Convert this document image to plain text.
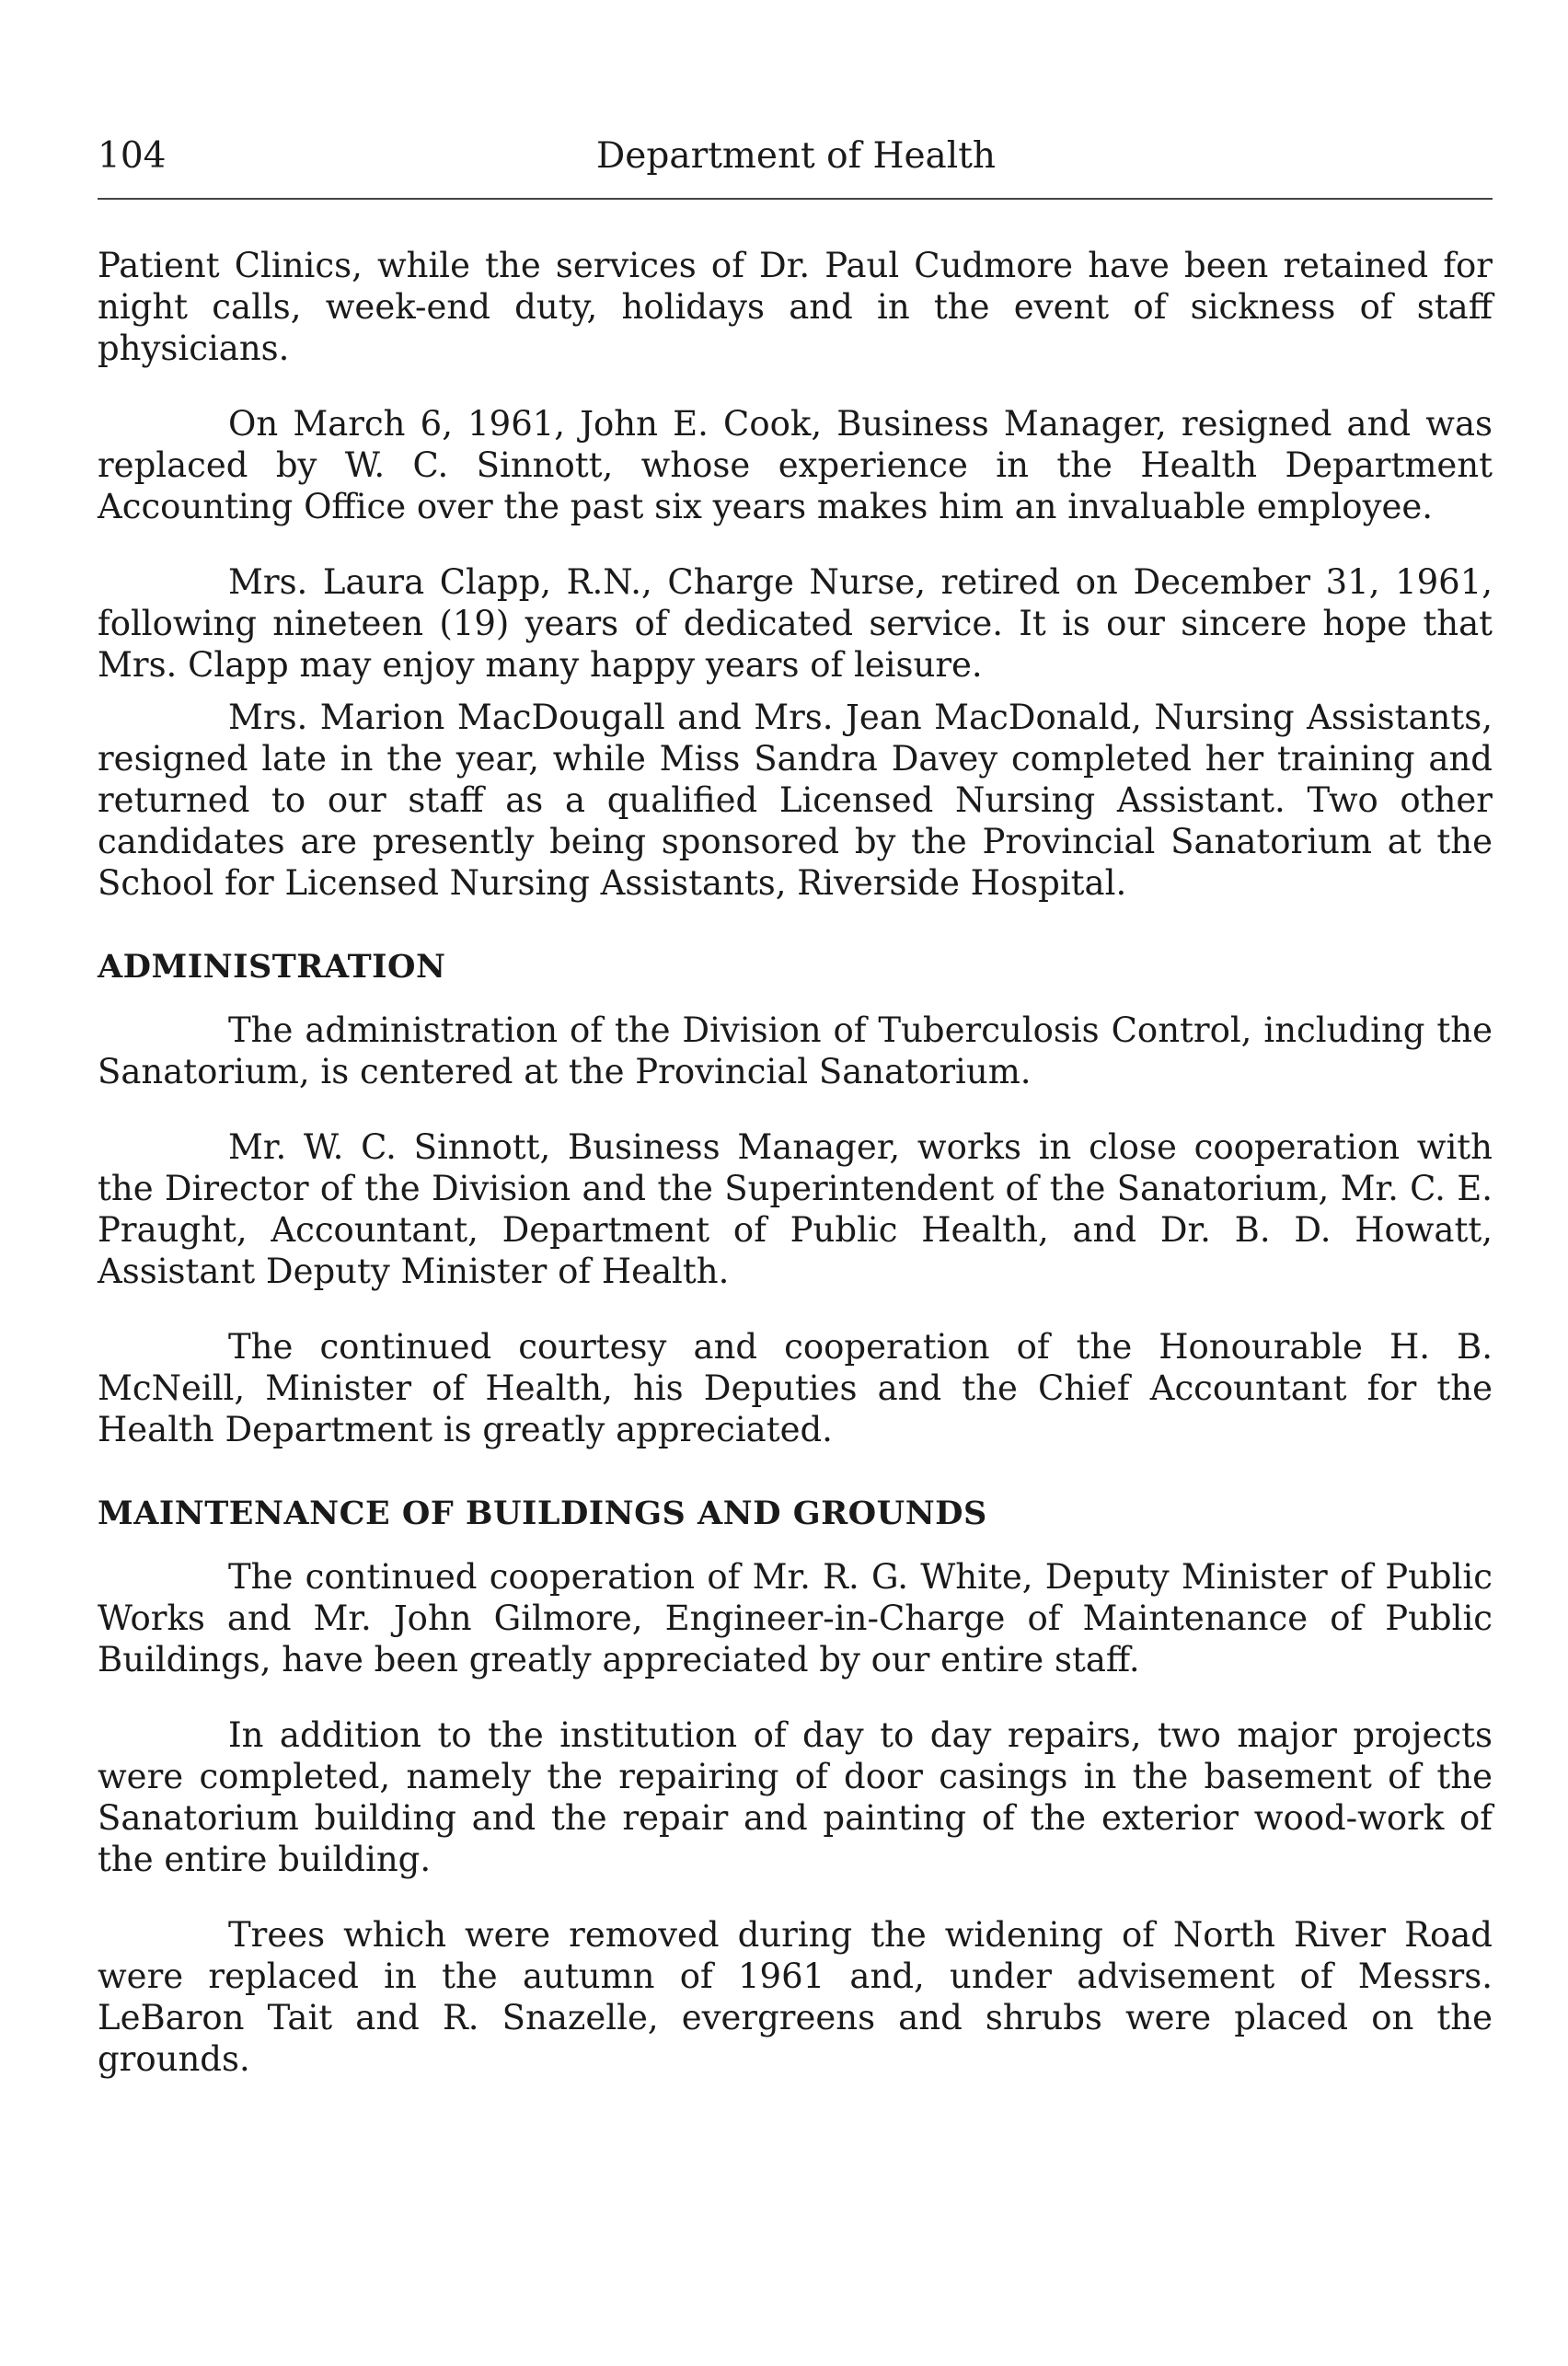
104	Department of Health

Patient Clinics, while the services of Dr. Paul Cudmore have been retained for night calls, week-end duty, holidays and in the event of sickness of staff physicians.

On March 6, 1961, John E. Cook, Business Manager, resigned and was replaced by W. C. Sinnott, whose experience in the Health Department Accounting Office over the past six years makes him an invaluable employee.

Mrs. Laura Clapp, R.N., Charge Nurse, retired on December 31, 1961, following nineteen (19) years of dedicated service. It is our sincere hope that Mrs. Clapp may enjoy many happy years of leisure.

Mrs. Marion MacDougall and Mrs. Jean MacDonald, Nursing Assistants, resigned late in the year, while Miss Sandra Davey completed her training and returned to our staff as a qualified Licensed Nursing Assistant. Two other candidates are presently being sponsored by the Provincial Sanatorium at the School for Licensed Nursing Assistants, Riverside Hospital.

ADMINISTRATION

The administration of the Division of Tuberculosis Control, including the Sanatorium, is centered at the Provincial Sanatorium.

Mr. W. C. Sinnott, Business Manager, works in close cooperation with the Director of the Division and the Superintendent of the Sanatorium, Mr. C. E. Praught, Accountant, Department of Public Health, and Dr. B. D. Howatt, Assistant Deputy Minister of Health.

The continued courtesy and cooperation of the Honourable H. B. McNeill, Minister of Health, his Deputies and the Chief Accountant for the Health Department is greatly appreciated.

MAINTENANCE OF BUILDINGS AND GROUNDS

The continued cooperation of Mr. R. G. White, Deputy Minister of Public Works and Mr. John Gilmore, Engineer-in-Charge of Maintenance of Public Buildings, have been greatly appreciated by our entire staff.

In addition to the institution of day to day repairs, two major projects were completed, namely the repairing of door casings in the basement of the Sanatorium building and the repair and painting of the exterior wood-work of the entire building.

Trees which were removed during the widening of North River Road were replaced in the autumn of 1961 and, under advisement of Messrs. LeBaron Tait and R. Snazelle, evergreens and shrubs were placed on the grounds.
